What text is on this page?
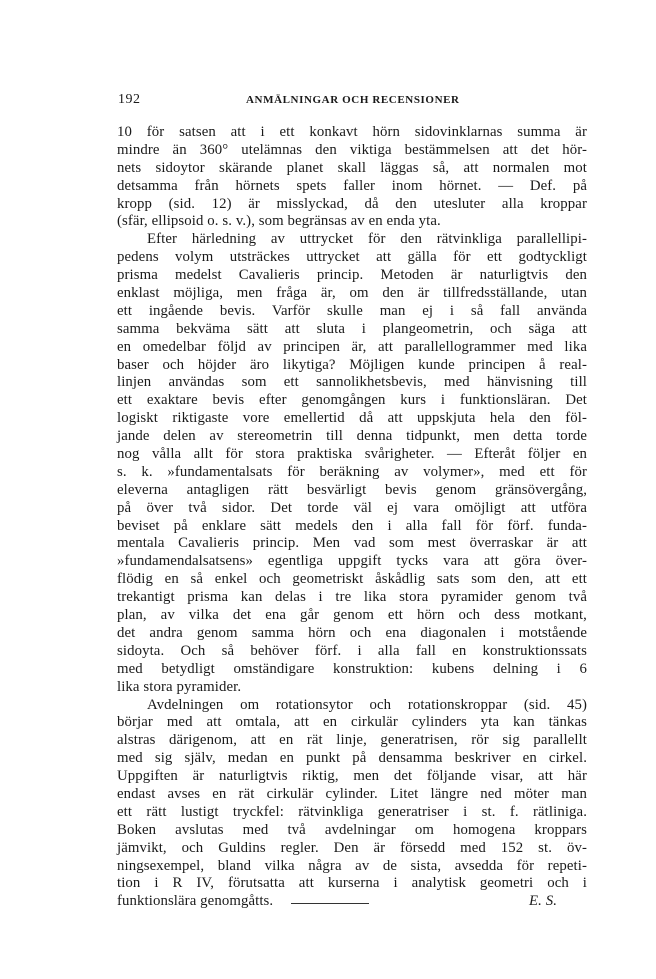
192	ANMÄLNINGAR OCH RECENSIONER
10 för satsen att i ett konkavt hörn sidovinklarnas summa är
mindre än 360° utelämnas den viktiga bestämmelsen att det hör-
nets sidoytor skärande planet skall läggas så, att normalen mot
detsamma från hörnets spets faller inom hörnet. — Def. på
kropp (sid. 12) är misslyckad, då den utesluter alla kroppar
(sfär, ellipsoid o. s. v.), som begränsas av en enda yta.
Efter härledning av uttrycket för den rätvinkliga parallellipi-
pedens volym utsträckes uttrycket att gälla för ett godtyckligt
prisma medelst Cavalieris princip. Metoden är naturligtvis den
enklast möjliga, men fråga är, om den är tillfredsställande, utan
ett ingående bevis. Varför skulle man ej i så fall använda
samma bekväma sätt att sluta i plangeometrin, och säga att
en omedelbar följd av principen är, att parallellogrammer med lika
baser och höjder äro likytiga? Möjligen kunde principen å real-
linjen användas som ett sannolikhetsbevis, med hänvisning till
ett exaktare bevis efter genomgången kurs i funktionsläran. Det
logiskt riktigaste vore emellertid då att uppskjuta hela den föl-
jande delen av stereometrin till denna tidpunkt, men detta torde
nog vålla allt för stora praktiska svårigheter. — Efteråt följer en
s. k. »fundamentalsats för beräkning av volymer», med ett för
eleverna antagligen rätt besvärligt bevis genom gränsövergång,
på över två sidor. Det torde väl ej vara omöjligt att utföra
beviset på enklare sätt medels den i alla fall för förf. funda-
mentala Cavalieris princip. Men vad som mest överraskar är att
»fundamendalsatsens» egentliga uppgift tycks vara att göra över-
flödig en så enkel och geometriskt åskådlig sats som den, att ett
trekantigt prisma kan delas i tre lika stora pyramider genom två
plan, av vilka det ena går genom ett hörn och dess motkant,
det andra genom samma hörn och ena diagonalen i motstående
sidoyta. Och så behöver förf. i alla fall en konstruktionssats
med betydligt omständigare konstruktion: kubens delning i 6
lika stora pyramider.
Avdelningen om rotationsytor och rotationskroppar (sid. 45)
börjar med att omtala, att en cirkulär cylinders yta kan tänkas
alstras därigenom, att en rät linje, generatrisen, rör sig parallellt
med sig själv, medan en punkt på densamma beskriver en cirkel.
Uppgiften är naturligtvis riktig, men det följande visar, att här
endast avses en rät cirkulär cylinder. Litet längre ned möter man
ett rätt lustigt tryckfel: rätvinkliga generatriser i st. f. rätliniga.
Boken avslutas med två avdelningar om homogena kroppars
jämvikt, och Guldins regler. Den är försedd med 152 st. öv-
ningsexempel, bland vilka några av de sista, avsedda för repeti-
tion i R IV, förutsatta att kurserna i analytisk geometri och i
funktionslära genomgåtts.	E. S.
